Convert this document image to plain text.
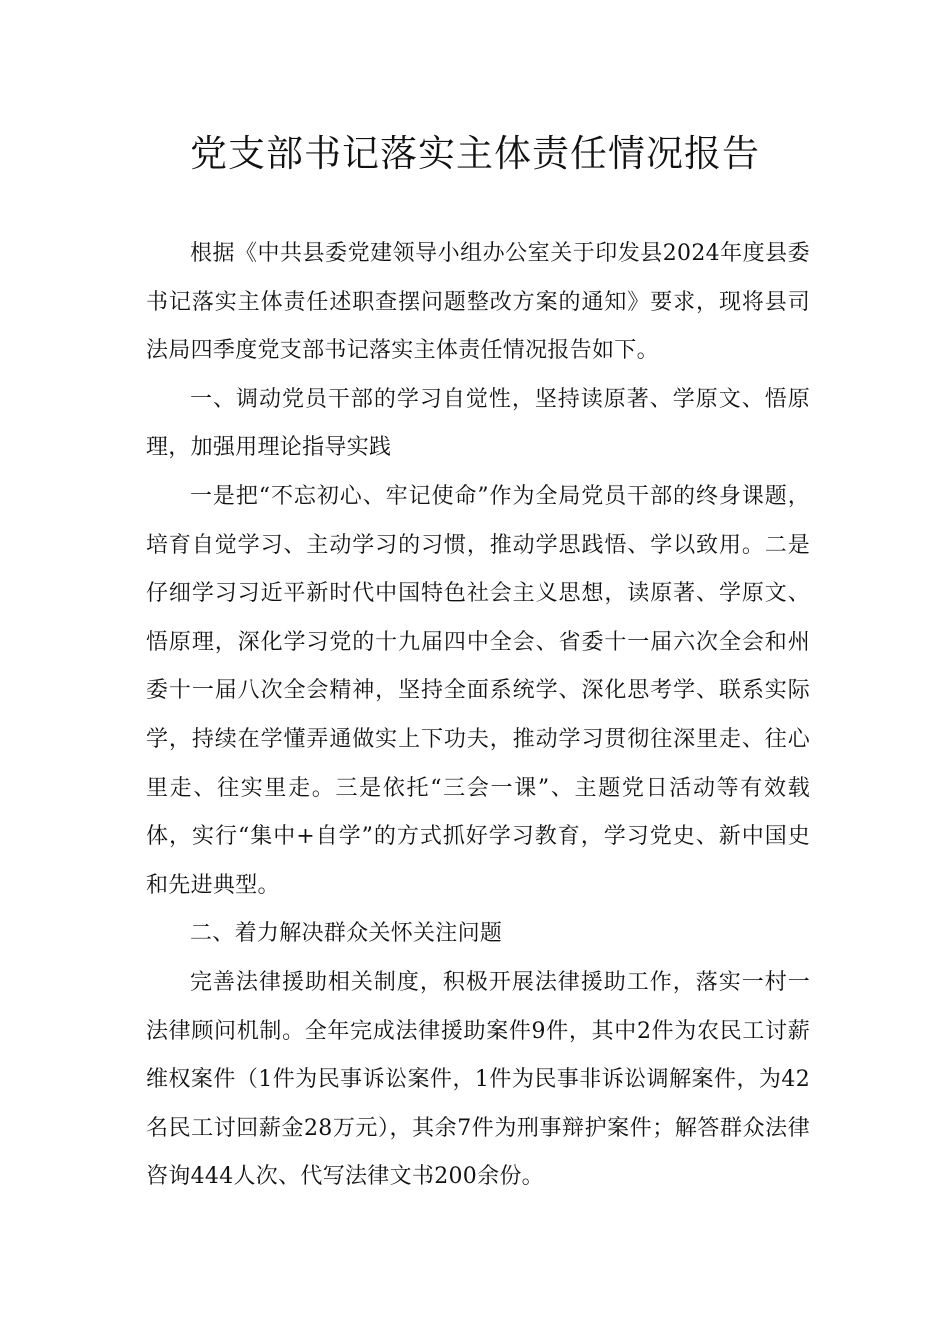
党支部书记落实主体责任情况报告

根据《中共县委党建领导小组办公室关于印发县2024年度县委书记落实主体责任述职查摆问题整改方案的通知》要求，现将县司法局四季度党支部书记落实主体责任情况报告如下。

一、调动党员干部的学习自觉性，坚持读原著、学原文、悟原理，加强用理论指导实践

一是把“不忘初心、牢记使命”作为全局党员干部的终身课题，培育自觉学习、主动学习的习惯，推动学思践悟、学以致用。二是仔细学习习近平新时代中国特色社会主义思想，读原著、学原文、悟原理，深化学习党的十九届四中全会、省委十一届六次全会和州委十一届八次全会精神，坚持全面系统学、深化思考学、联系实际学，持续在学懂弄通做实上下功夫，推动学习贯彻往深里走、往心里走、往实里走。三是依托“三会一课”、主题党日活动等有效载体，实行“集中+自学”的方式抓好学习教育，学习党史、新中国史和先进典型。

二、着力解决群众关怀关注问题

完善法律援助相关制度，积极开展法律援助工作，落实一村一法律顾问机制。全年完成法律援助案件9件，其中2件为农民工讨薪维权案件（1件为民事诉讼案件，1件为民事非诉讼调解案件，为42名民工讨回薪金28万元），其余7件为刑事辩护案件；解答群众法律咨询444人次、代写法律文书200余份。
